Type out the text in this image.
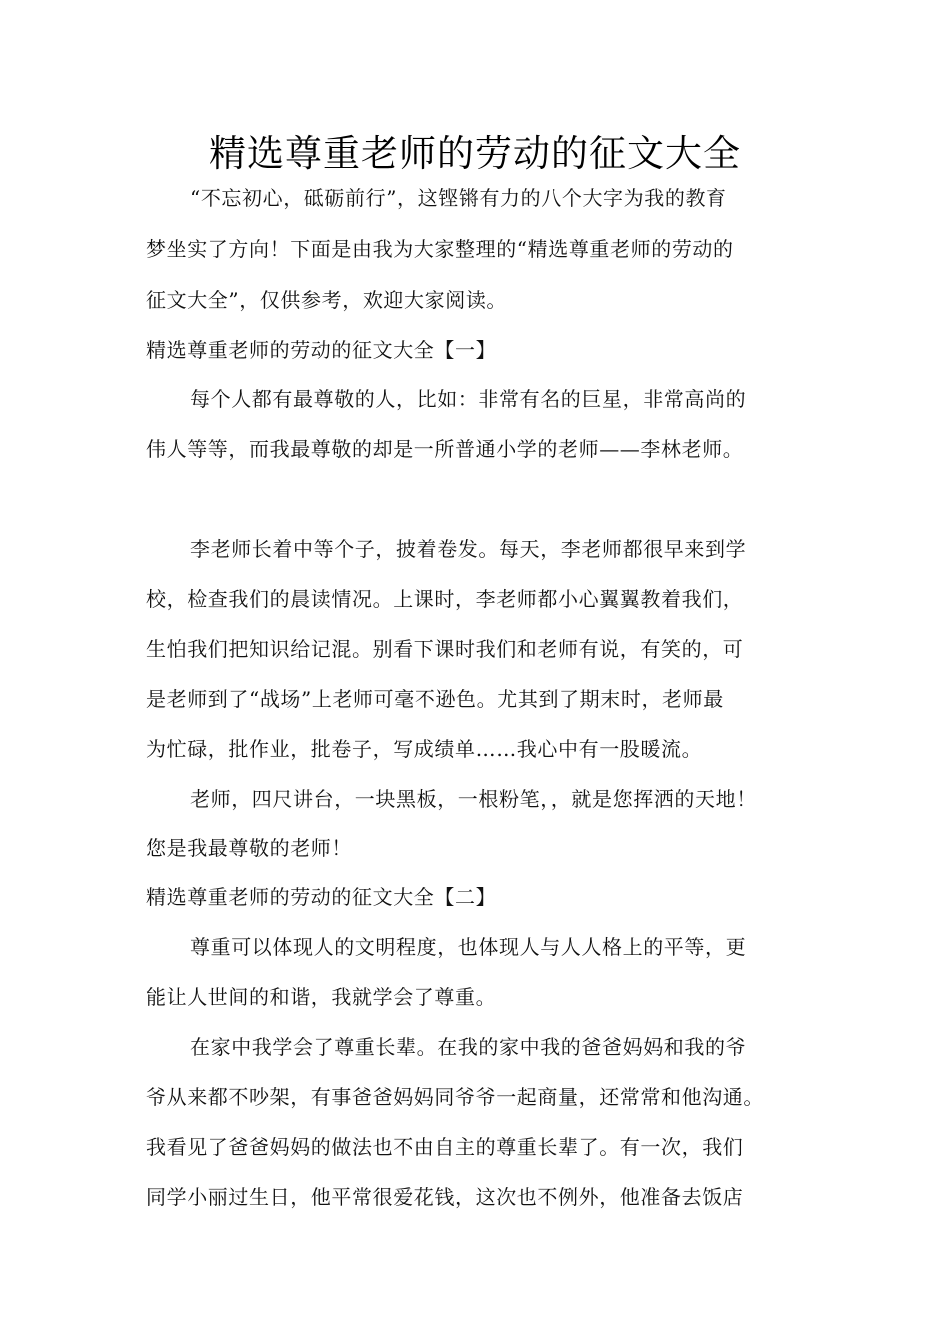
精选尊重老师的劳动的征文大全
“不忘初心，砥砺前行”，这铿锵有力的八个大字为我的教育
梦坐实了方向！下面是由我为大家整理的“精选尊重老师的劳动的
征文大全”，仅供参考，欢迎大家阅读。
精选尊重老师的劳动的征文大全【一】
每个人都有最尊敬的人，比如：非常有名的巨星，非常高尚的
伟人等等，而我最尊敬的却是一所普通小学的老师——李林老师。
李老师长着中等个子，披着卷发。每天，李老师都很早来到学
校，检查我们的晨读情况。上课时，李老师都小心翼翼教着我们，
生怕我们把知识给记混。别看下课时我们和老师有说，有笑的，可
是老师到了“战场”上老师可毫不逊色。尤其到了期末时，老师最
为忙碌，批作业，批卷子，写成绩单……我心中有一股暖流。
老师，四尺讲台，一块黑板，一根粉笔，，就是您挥洒的天地！
您是我最尊敬的老师！
精选尊重老师的劳动的征文大全【二】
尊重可以体现人的文明程度，也体现人与人人格上的平等，更
能让人世间的和谐，我就学会了尊重。
在家中我学会了尊重长辈。在我的家中我的爸爸妈妈和我的爷
爷从来都不吵架，有事爸爸妈妈同爷爷一起商量，还常常和他沟通。
我看见了爸爸妈妈的做法也不由自主的尊重长辈了。有一次，我们
同学小丽过生日，他平常很爱花钱，这次也不例外，他准备去饭店
